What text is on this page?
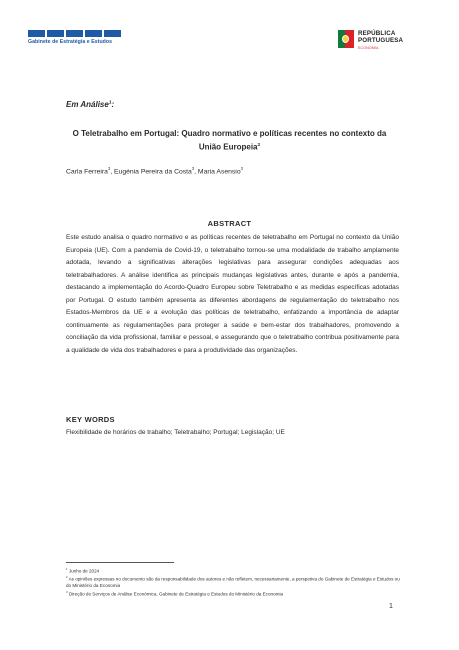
Gabinete de Estratégia e Estudos
REPÚBLICA
PORTUGUESA
ECONOMIA
Em Análise$^1$:
O Teletrabalho em Portugal: Quadro normativo e políticas recentes no contexto da União Europeia$^2$
Carla Ferreira$^3$, Eugénia Pereira da Costa$^3$, Maria Asensio$^3$
ABSTRACT
Este estudo analisa o quadro normativo e as políticas recentes de teletrabalho em Portugal no contexto da União Europeia (UE). Com a pandemia de Covid-19, o teletrabalho tornou-se uma modalidade de trabalho amplamente adotada, levando a significativas alterações legislativas para assegurar condições adequadas aos teletrabalhadores. A análise identifica as principais mudanças legislativas antes, durante e após a pandemia, destacando a implementação do Acordo-Quadro Europeu sobre Teletrabalho e as medidas específicas adotadas por Portugal. O estudo também apresenta as diferentes abordagens de regulamentação do teletrabalho nos Estados-Membros da UE e a evolução das políticas de teletrabalho, enfatizando a importância de adaptar continuamente as regulamentações para proteger a saúde e bem-estar dos trabalhadores, promovendo a conciliação da vida profissional, familiar e pessoal, e assegurando que o teletrabalho contribua positivamente para a qualidade de vida dos trabalhadores e para a produtividade das organizações.
KEY WORDS
Flexibilidade de horários de trabalho; Teletrabalho; Portugal; Legislação; UE
$^1$ Junho de 2024
$^2$ As opiniões expressas no documento são da responsabilidade dos autores e não refletem, necessariamente, a perspetiva do Gabinete de Estratégia e Estudos ou do Ministério da Economia
$^3$ Direção de Serviços de Análise Económica, Gabinete de Estratégia e Estudos do Ministério da Economia
1
